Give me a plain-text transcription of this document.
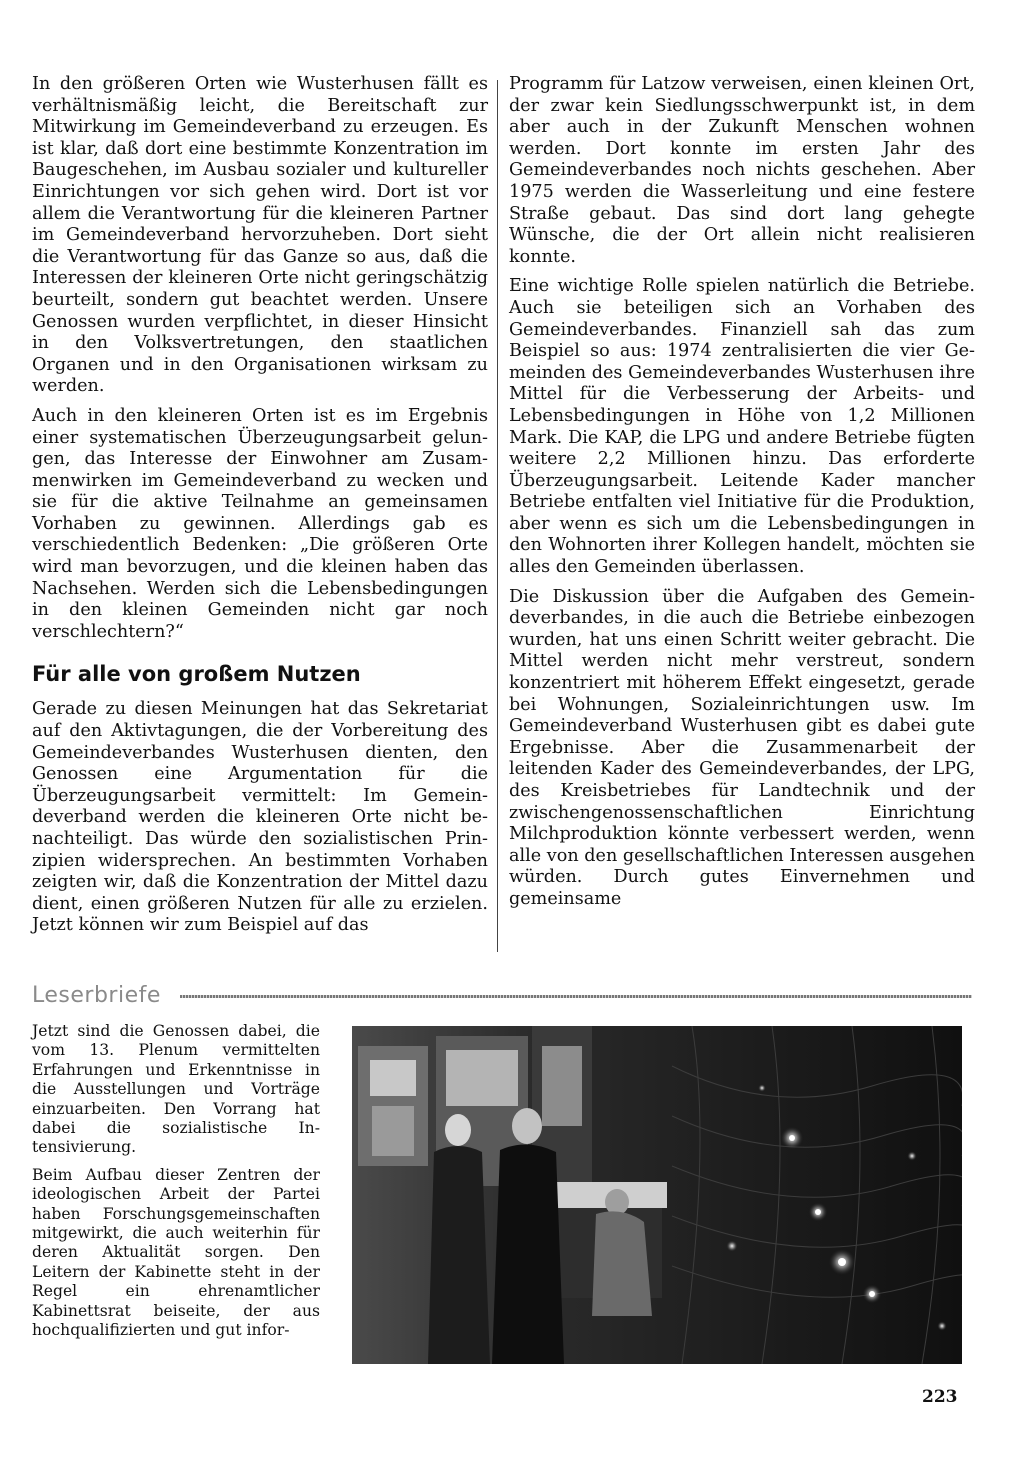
In den größeren Orten wie Wusterhusen fällt es verhältnismäßig leicht, die Bereitschaft zur Mitwirkung im Gemeindeverband zu erzeugen. Es ist klar, daß dort eine bestimmte Konzentration im Baugeschehen, im Ausbau sozialer und kultureller Einrichtungen vor sich gehen wird. Dort ist vor allem die Verantwortung für die kleineren Partner im Gemeindeverband hervorzuheben. Dort sieht die Verantwortung für das Ganze so aus, daß die Interessen der kleineren Orte nicht geringschätzig beurteilt, sondern gut beachtet werden. Unsere Genossen wurden verpflichtet, in dieser Hinsicht in den Volksvertretungen, den staatlichen Organen und in den Organisationen wirksam zu werden.

Auch in den kleineren Orten ist es im Ergebnis einer systematischen Überzeugungsarbeit gelungen, das Interesse der Einwohner am Zusammenwirken im Gemeindeverband zu wecken und sie für die aktive Teilnahme an gemeinsamen Vorhaben zu gewinnen. Allerdings gab es verschiedentlich Bedenken: „Die größeren Orte wird man bevorzugen, und die kleinen haben das Nachsehen. Werden sich die Lebensbedingungen in den kleinen Gemeinden nicht gar noch verschlechtern?“

Für alle von großem Nutzen

Gerade zu diesen Meinungen hat das Sekretariat auf den Aktivtagungen, die der Vorbereitung des Gemeindeverbandes Wusterhusen dienten, den Genossen eine Argumentation für die Überzeugungsarbeit vermittelt: Im Gemeindeverband werden die kleineren Orte nicht benachteiligt. Das würde den sozialistischen Prinzipien widersprechen. An bestimmten Vorhaben zeigten wir, daß die Konzentration der Mittel dazu dient, einen größeren Nutzen für alle zu erzielen. Jetzt können wir zum Beispiel auf das

Programm für Latzow verweisen, einen kleinen Ort, der zwar kein Siedlungsschwerpunkt ist, in dem aber auch in der Zukunft Menschen wohnen werden. Dort konnte im ersten Jahr des Gemeindeverbandes noch nichts geschehen. Aber 1975 werden die Wasserleitung und eine festere Straße gebaut. Das sind dort lang gehegte Wünsche, die der Ort allein nicht realisieren konnte.

Eine wichtige Rolle spielen natürlich die Betriebe. Auch sie beteiligen sich an Vorhaben des Gemeindeverbandes. Finanziell sah das zum Beispiel so aus: 1974 zentralisierten die vier Gemeinden des Gemeindeverbandes Wusterhusen ihre Mittel für die Verbesserung der Arbeits- und Lebensbedingungen in Höhe von 1,2 Millionen Mark. Die KAP, die LPG und andere Betriebe fügten weitere 2,2 Millionen hinzu. Das erforderte Überzeugungsarbeit. Leitende Kader mancher Betriebe entfalten viel Initiative für die Produktion, aber wenn es sich um die Lebensbedingungen in den Wohnorten ihrer Kollegen handelt, möchten sie alles den Gemeinden überlassen.

Die Diskussion über die Aufgaben des Gemeindeverbandes, in die auch die Betriebe einbezogen wurden, hat uns einen Schritt weiter gebracht. Die Mittel werden nicht mehr verstreut, sondern konzentriert mit höherem Effekt eingesetzt, gerade bei Wohnungen, Sozialeinrichtungen usw. Im Gemeindeverband Wusterhusen gibt es dabei gute Ergebnisse. Aber die Zusammenarbeit der leitenden Kader des Gemeindeverbandes, der LPG, des Kreisbetriebes für Landtechnik und der zwischengenossenschaftlichen Einrichtung Milchproduktion könnte verbessert werden, wenn alle von den gesellschaftlichen Interessen ausgehen würden. Durch gutes Einvernehmen und gemeinsame

Leserbriefe

Jetzt sind die Genossen dabei, die vom 13. Plenum vermittelten Erfahrungen und Erkenntnisse in die Ausstellungen und Vorträge einzuarbeiten. Den Vorrang hat dabei die sozialistische Intensivierung.

Beim Aufbau dieser Zentren der ideologischen Arbeit der Partei haben Forschungsgemeinschaften mitgewirkt, die auch weiterhin für deren Aktualität sorgen. Den Leitern der Kabinette steht in der Regel ein ehrenamtlicher Kabinettsrat beiseite, der aus hochqualifizierten und gut infor-

223
